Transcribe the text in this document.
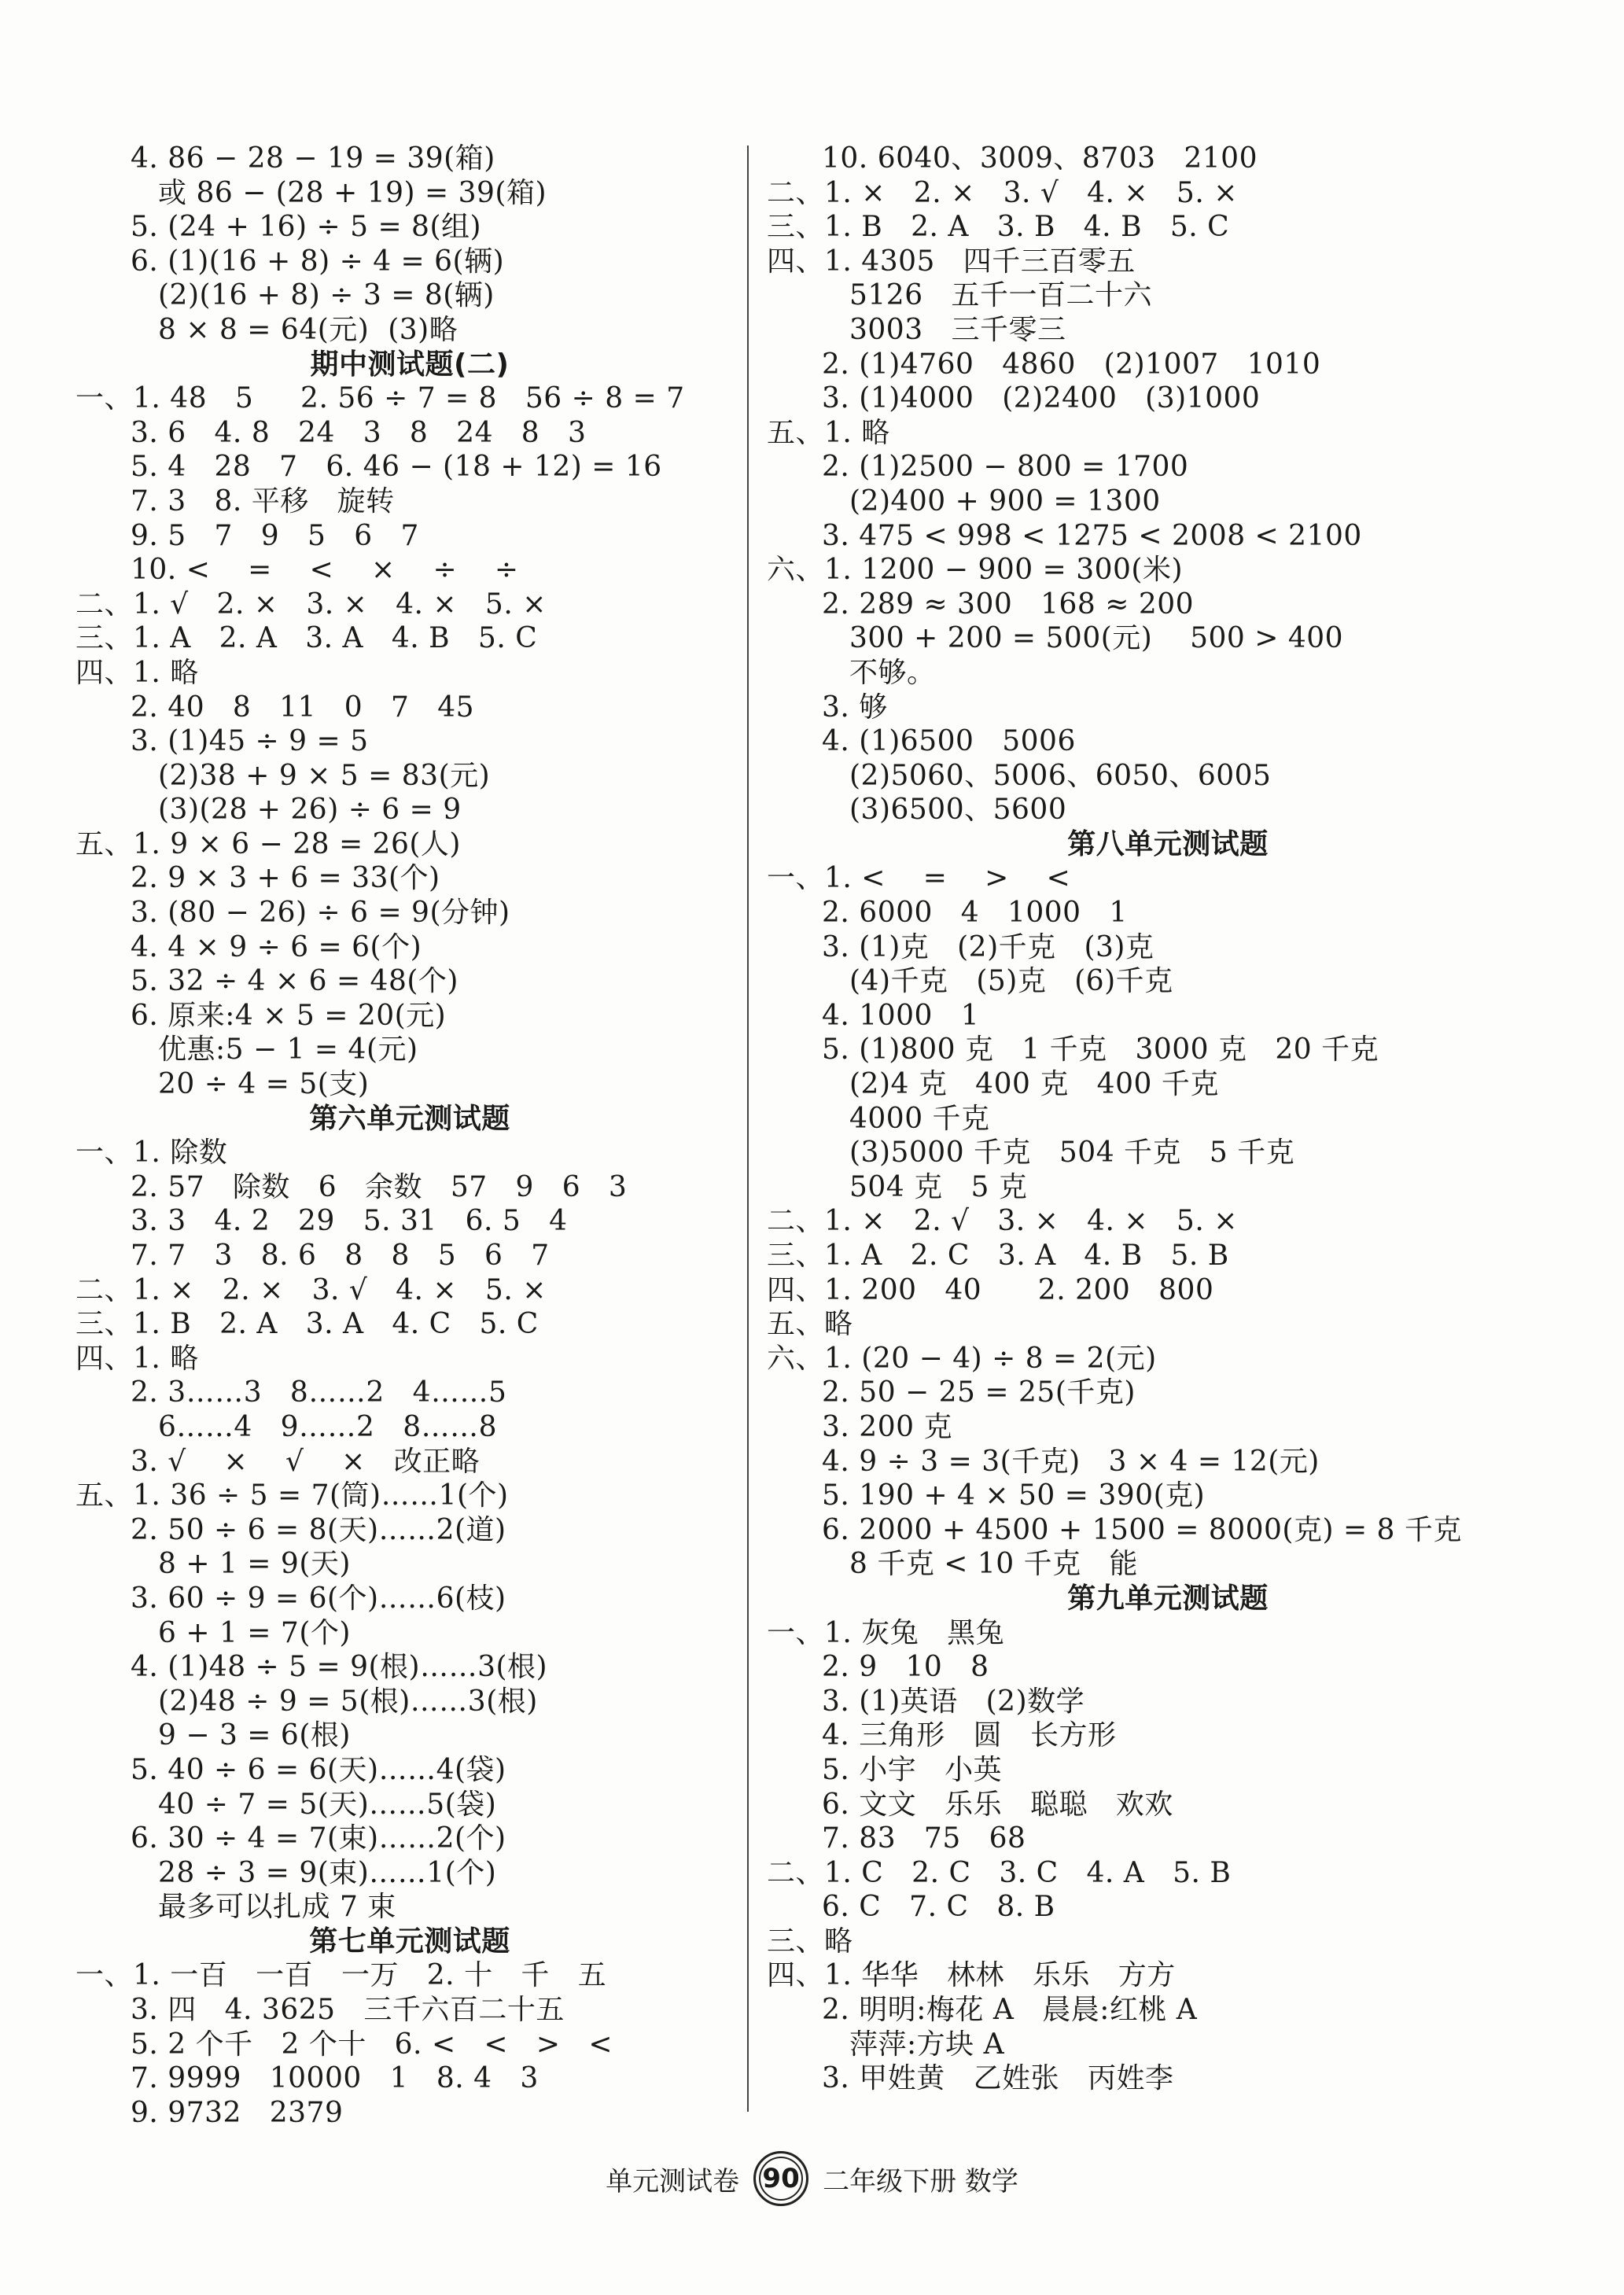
4. 86 − 28 − 19 = 39(箱)
或 86 − (28 + 19) = 39(箱)
5. (24 + 16) ÷ 5 = 8(组)
6. (1)(16 + 8) ÷ 4 = 6(辆)
(2)(16 + 8) ÷ 3 = 8(辆)
8 × 8 = 64(元)  (3)略
期中测试题(二)
一、1. 48   5     2. 56 ÷ 7 = 8   56 ÷ 8 = 7
3. 6   4. 8   24   3   8   24   8   3
5. 4   28   7   6. 46 − (18 + 12) = 16
7. 3   8. 平移   旋转
9. 5   7   9   5   6   7
10. <    =    <    ×    ÷    ÷
二、1. √   2. ×   3. ×   4. ×   5. ×
三、1. A   2. A   3. A   4. B   5. C
四、1. 略
2. 40   8   11   0   7   45
3. (1)45 ÷ 9 = 5
(2)38 + 9 × 5 = 83(元)
(3)(28 + 26) ÷ 6 = 9
五、1. 9 × 6 − 28 = 26(人)
2. 9 × 3 + 6 = 33(个)
3. (80 − 26) ÷ 6 = 9(分钟)
4. 4 × 9 ÷ 6 = 6(个)
5. 32 ÷ 4 × 6 = 48(个)
6. 原来:4 × 5 = 20(元)
优惠:5 − 1 = 4(元)
20 ÷ 4 = 5(支)
第六单元测试题
一、1. 除数
2. 57   除数   6   余数   57   9   6   3
3. 3   4. 2   29   5. 31   6. 5   4
7. 7   3   8. 6   8   8   5   6   7
二、1. ×   2. ×   3. √   4. ×   5. ×
三、1. B   2. A   3. A   4. C   5. C
四、1. 略
2. 3……3   8……2   4……5
6……4   9……2   8……8
3. √    ×    √    ×   改正略
五、1. 36 ÷ 5 = 7(筒)……1(个)
2. 50 ÷ 6 = 8(天)……2(道)
8 + 1 = 9(天)
3. 60 ÷ 9 = 6(个)……6(枝)
6 + 1 = 7(个)
4. (1)48 ÷ 5 = 9(根)……3(根)
(2)48 ÷ 9 = 5(根)……3(根)
9 − 3 = 6(根)
5. 40 ÷ 6 = 6(天)……4(袋)
40 ÷ 7 = 5(天)……5(袋)
6. 30 ÷ 4 = 7(束)……2(个)
28 ÷ 3 = 9(束)……1(个)
最多可以扎成 7 束
第七单元测试题
一、1. 一百   一百   一万   2. 十   千   五
3. 四   4. 3625   三千六百二十五
5. 2 个千   2 个十   6. <   <   >   <
7. 9999   10000   1   8. 4   3
9. 9732   2379
10. 6040、3009、8703   2100
二、1. ×   2. ×   3. √   4. ×   5. ×
三、1. B   2. A   3. B   4. B   5. C
四、1. 4305   四千三百零五
5126   五千一百二十六
3003   三千零三
2. (1)4760   4860   (2)1007   1010
3. (1)4000   (2)2400   (3)1000
五、1. 略
2. (1)2500 − 800 = 1700
(2)400 + 900 = 1300
3. 475 < 998 < 1275 < 2008 < 2100
六、1. 1200 − 900 = 300(米)
2. 289 ≈ 300   168 ≈ 200
300 + 200 = 500(元)    500 > 400
不够。
3. 够
4. (1)6500   5006
(2)5060、5006、6050、6005
(3)6500、5600
第八单元测试题
一、1. <    =    >    <
2. 6000   4   1000   1
3. (1)克   (2)千克   (3)克
(4)千克   (5)克   (6)千克
4. 1000   1
5. (1)800 克   1 千克   3000 克   20 千克
(2)4 克   400 克   400 千克
4000 千克
(3)5000 千克   504 千克   5 千克
504 克   5 克
二、1. ×   2. √   3. ×   4. ×   5. ×
三、1. A   2. C   3. A   4. B   5. B
四、1. 200   40      2. 200   800
五、略
六、1. (20 − 4) ÷ 8 = 2(元)
2. 50 − 25 = 25(千克)
3. 200 克
4. 9 ÷ 3 = 3(千克)   3 × 4 = 12(元)
5. 190 + 4 × 50 = 390(克)
6. 2000 + 4500 + 1500 = 8000(克) = 8 千克
8 千克 < 10 千克   能
第九单元测试题
一、1. 灰兔   黑兔
2. 9   10   8
3. (1)英语   (2)数学
4. 三角形   圆   长方形
5. 小宇   小英
6. 文文   乐乐   聪聪   欢欢
7. 83   75   68
二、1. C   2. C   3. C   4. A   5. B
6. C   7. C   8. B
三、略
四、1. 华华   林林   乐乐   方方
2. 明明:梅花 A   晨晨:红桃 A
萍萍:方块 A
3. 甲姓黄   乙姓张   丙姓李
单元测试卷 90 二年级下册 数学
